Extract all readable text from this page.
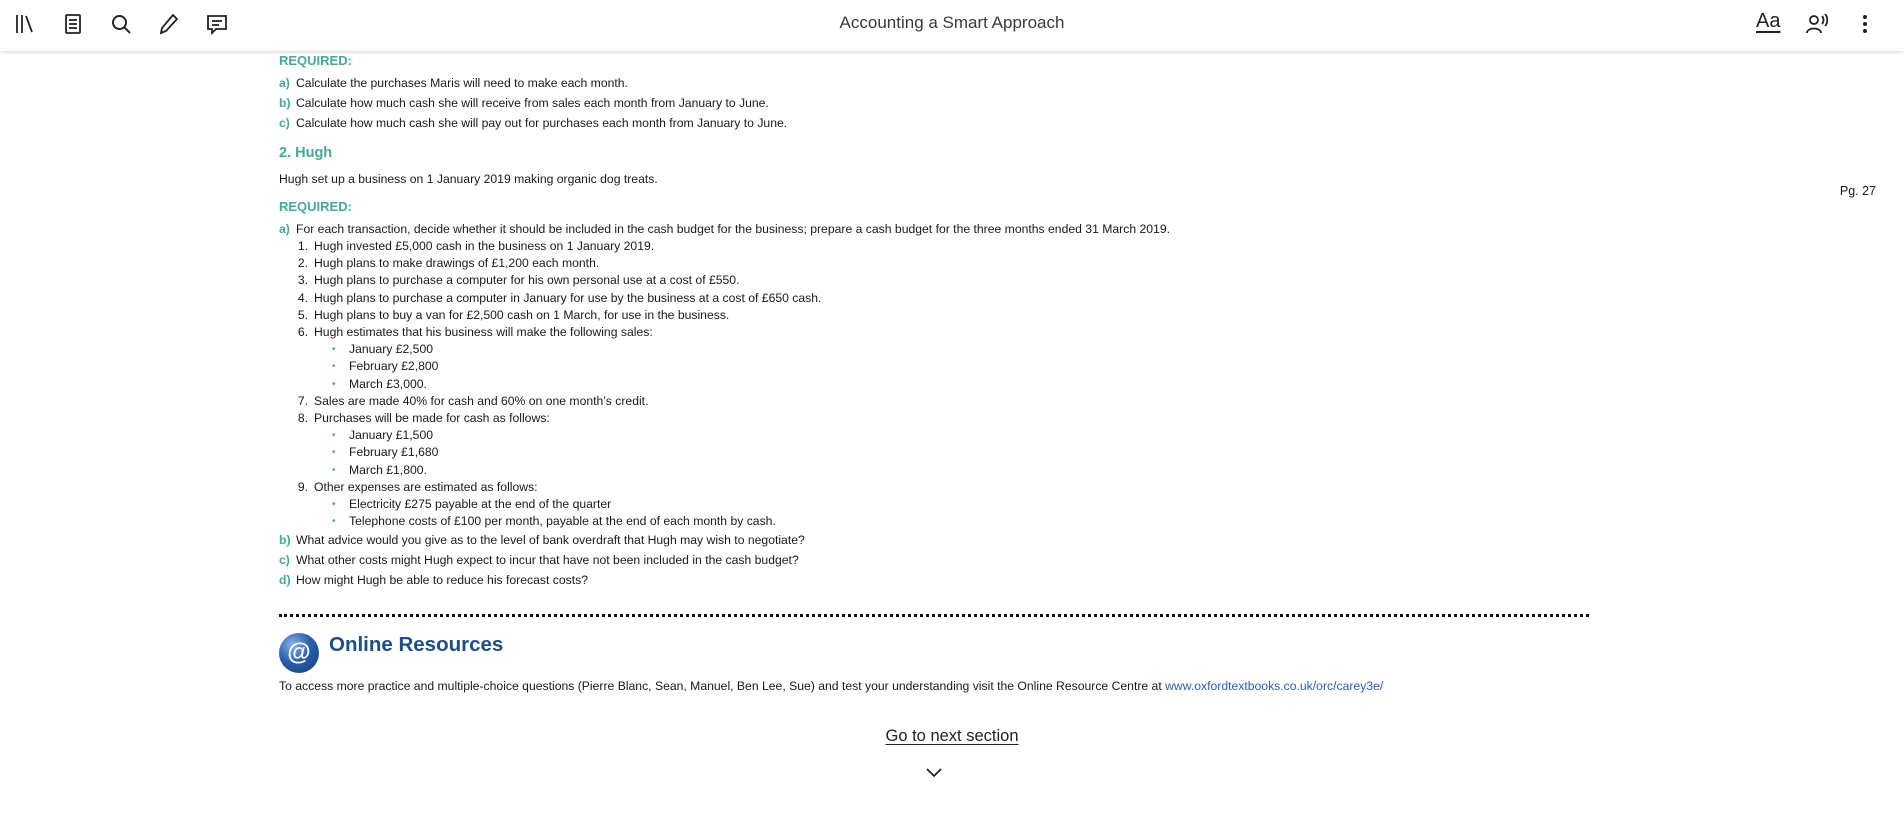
Accounting a Smart Approach	Aa
Pg. 27
REQUIRED:
a) Calculate the purchases Maris will need to make each month.
b) Calculate how much cash she will receive from sales each month from January to June.
c) Calculate how much cash she will pay out for purchases each month from January to June.
2. Hugh
Hugh set up a business on 1 January 2019 making organic dog treats.
REQUIRED:
a) For each transaction, decide whether it should be included in the cash budget for the business; prepare a cash budget for the three months ended 31 March 2019.
1. Hugh invested £5,000 cash in the business on 1 January 2019.
2. Hugh plans to make drawings of £1,200 each month.
3. Hugh plans to purchase a computer for his own personal use at a cost of £550.
4. Hugh plans to purchase a computer in January for use by the business at a cost of £650 cash.
5. Hugh plans to buy a van for £2,500 cash on 1 March, for use in the business.
6. Hugh estimates that his business will make the following sales:
•	January £2,500
•	February £2,800
•	March £3,000.
7. Sales are made 40% for cash and 60% on one month’s credit.
8. Purchases will be made for cash as follows:
•	January £1,500
•	February £1,680
•	March £1,800.
9. Other expenses are estimated as follows:
•	Electricity £275 payable at the end of the quarter
•	Telephone costs of £100 per month, payable at the end of each month by cash.
b) What advice would you give as to the level of bank overdraft that Hugh may wish to negotiate?
c) What other costs might Hugh expect to incur that have not been included in the cash budget?
d) How might Hugh be able to reduce his forecast costs?
@ Online Resources
To access more practice and multiple-choice questions (Pierre Blanc, Sean, Manuel, Ben Lee, Sue) and test your understanding visit the Online Resource Centre at www.oxfordtextbooks.co.uk/orc/carey3e/
Go to next section
